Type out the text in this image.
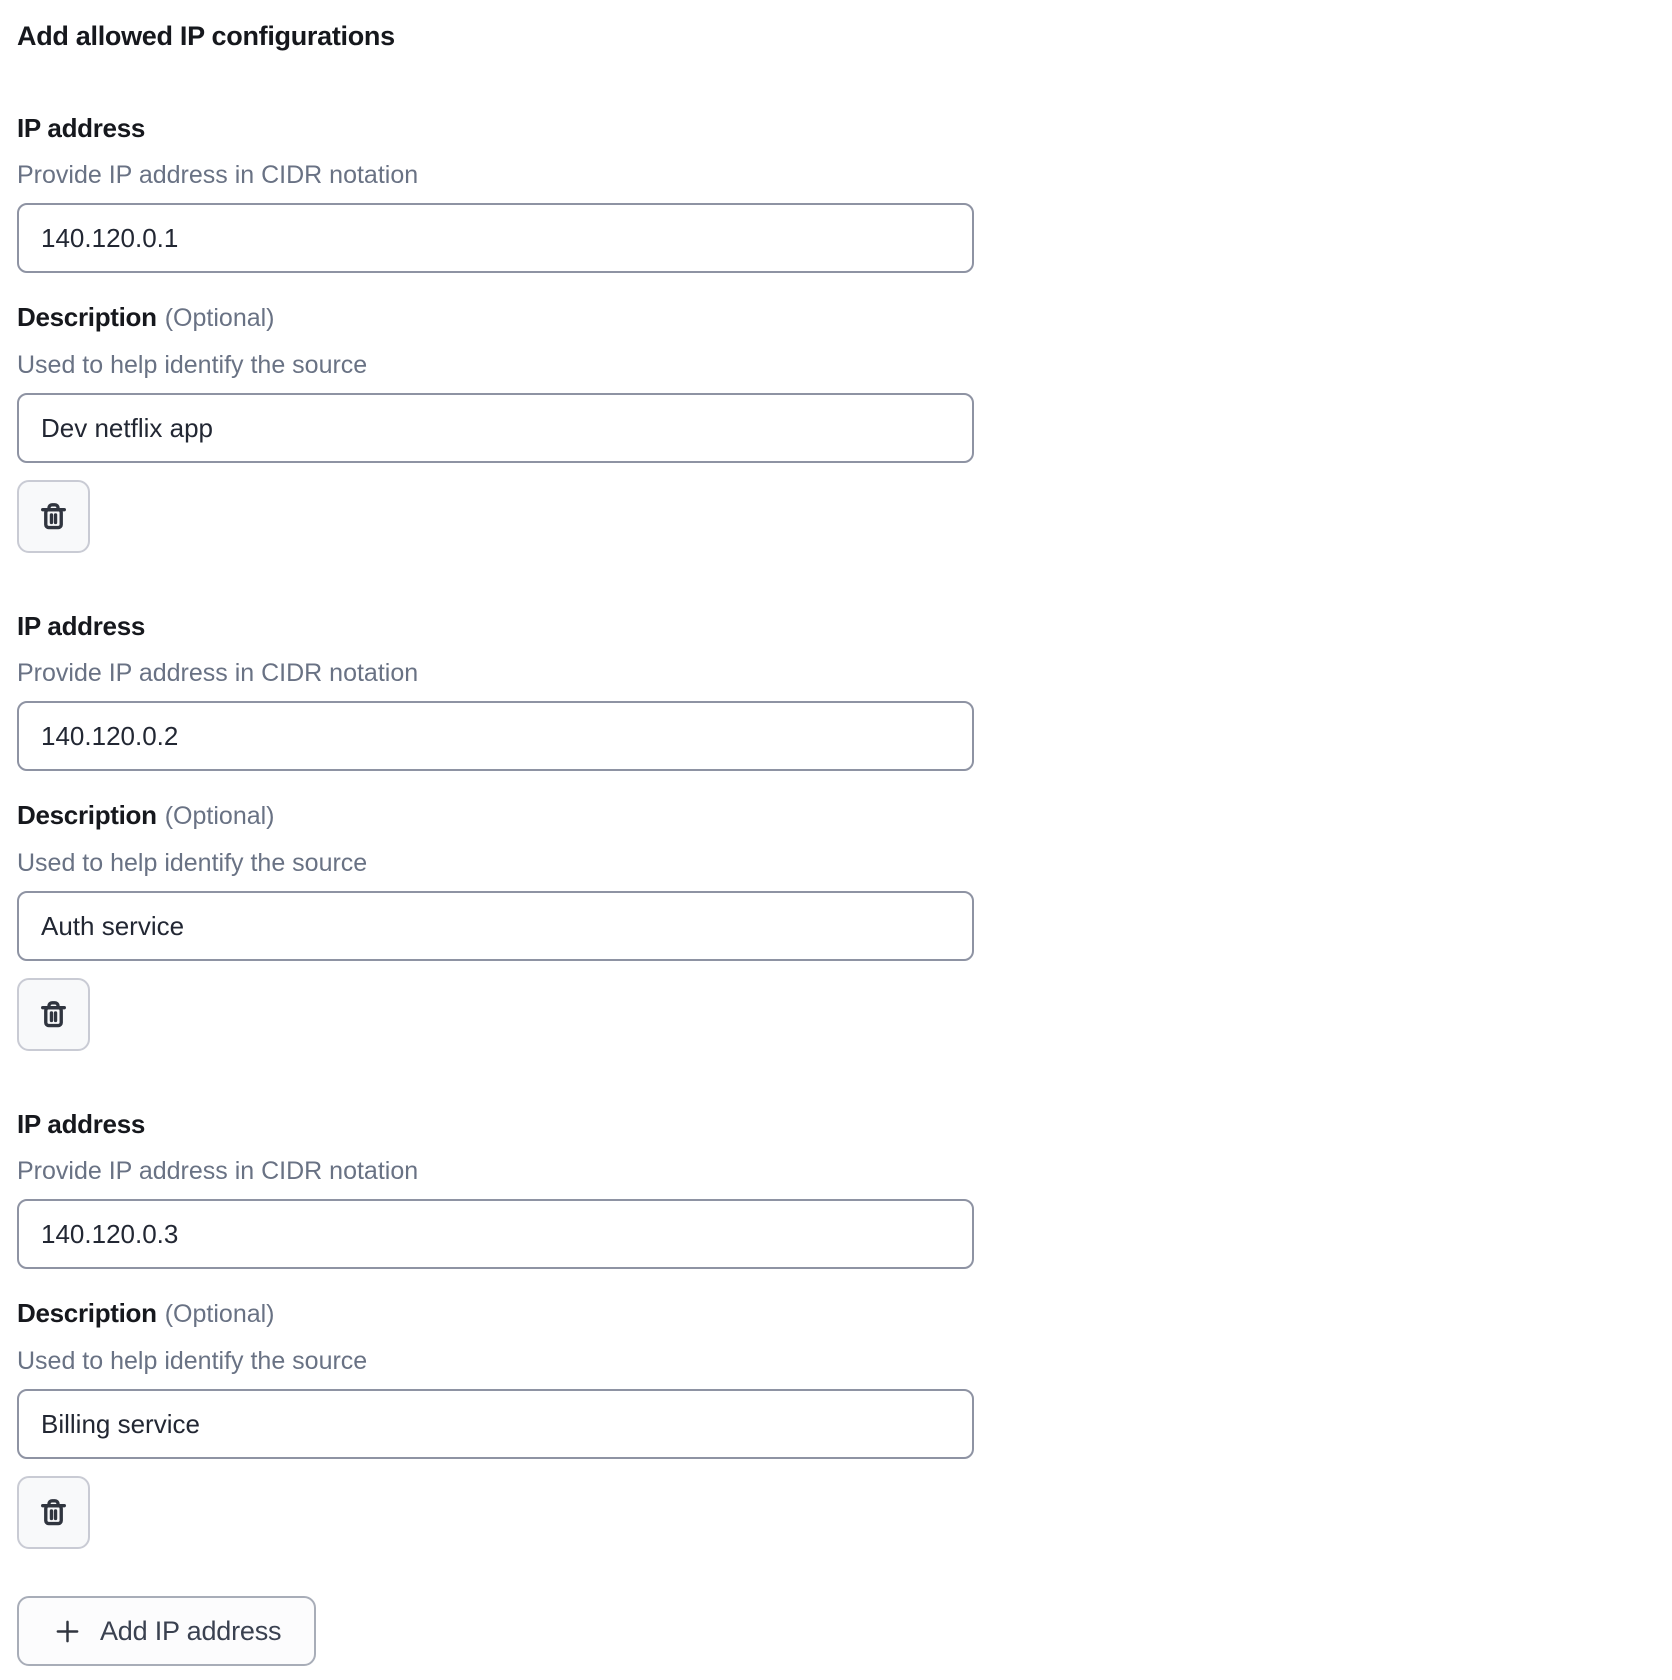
Add allowed IP configurations
IP address
Provide IP address in CIDR notation
140.120.0.1
Description (Optional)
Used to help identify the source
Dev netflix app
IP address
Provide IP address in CIDR notation
140.120.0.2
Description (Optional)
Used to help identify the source
Auth service
IP address
Provide IP address in CIDR notation
140.120.0.3
Description (Optional)
Used to help identify the source
Billing service
Add IP address
